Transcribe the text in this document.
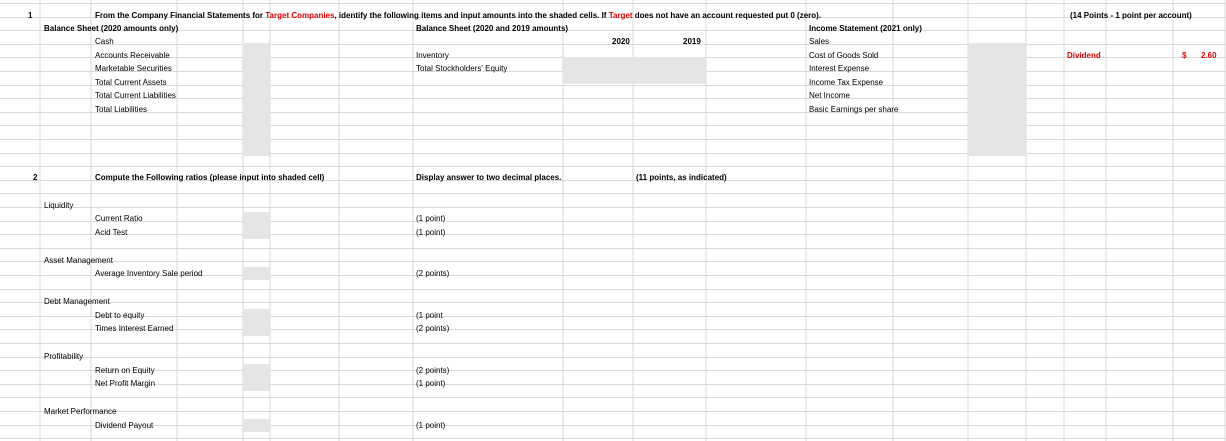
1	From the Company Financial Statements for Target Companies, identify the following items and input amounts into the shaded cells. If Target does not have an account requested put 0 (zero).	(14 Points - 1 point per account)
Balance Sheet (2020 amounts only)
Cash
Accounts Receivable
Marketable Securities
Total Current Assets
Total Current Liabilities
Total Liabilities
Balance Sheet (2020 and 2019 amounts)
2020	2019
Inventory
Total Stockholders' Equity
Income Statement (2021 only)
Sales
Cost of Goods Sold
Interest Expense
Income Tax Expense
Net Income
Basic Earnings per share
Dividend	$ 2.60
2	Compute the Following ratios (please input into shaded cell)	Display answer to two decimal places.	(11 points, as indicated)
Liquidity
Current Ratio	(1 point)
Acid Test	(1 point)
Asset Management
Average Inventory Sale period	(2 points)
Debt Management
Debt to equity	(1 point
Times Interest Earned	(2 points)
Profitability
Return on Equity	(2 points)
Net Profit Margin	(1 point)
Market Performance
Dividend Payout	(1 point)
